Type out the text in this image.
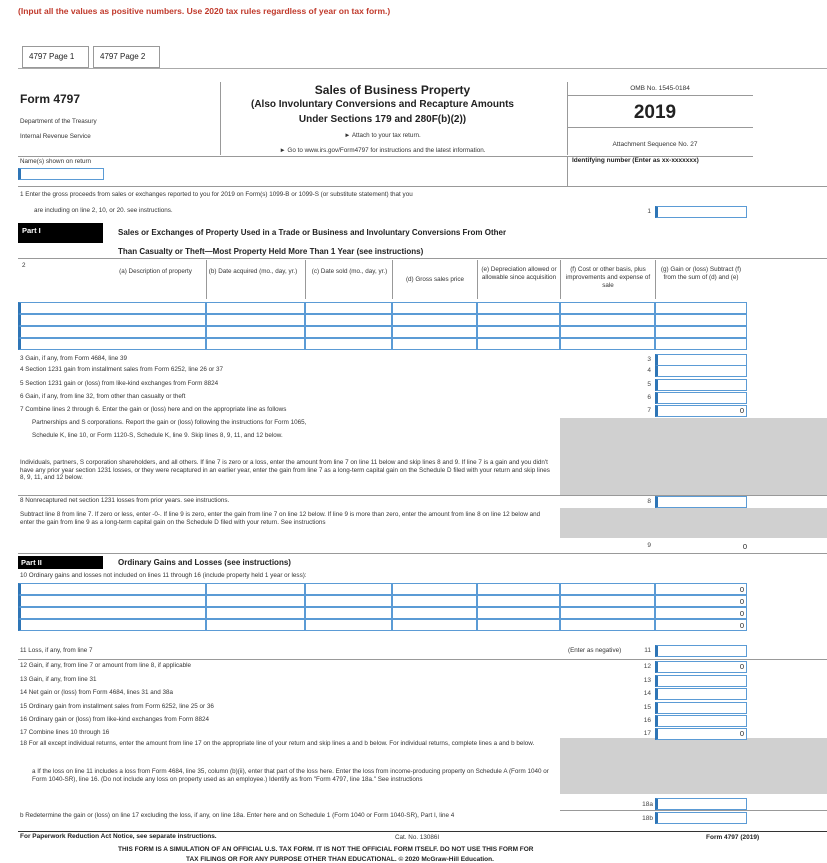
(Input all the values as positive numbers. Use 2020 tax rules regardless of year on tax form.)
4797 Page 1	4797 Page 2
Form 4797
Department of the Treasury
Internal Revenue Service
Sales of Business Property
(Also Involuntary Conversions and Recapture Amounts
Under Sections 179 and 280F(b)(2))
► Attach to your tax return.
► Go to www.irs.gov/Form4797 for instructions and the latest information.
OMB No. 1545-0184
2019
Attachment Sequence No. 27
Name(s) shown on return	Identifying number (Enter as xx-xxxxxxx)
1 Enter the gross proceeds from sales or exchanges reported to you for 2019 on Form(s) 1099-B or 1099-S (or substitute statement) that you
are including on line 2, 10, or 20. see instructions.	1
Part I	Sales or Exchanges of Property Used in a Trade or Business and Involuntary Conversions From Other
Than Casualty or Theft—Most Property Held More Than 1 Year (see instructions)
2
(a) Description of property	(b) Date acquired (mo., day, yr.)	(c) Date sold (mo., day, yr.)
(d) Gross sales price
(e) Depreciation allowed or allowable since acquisition
(f) Cost or other basis, plus improvements and expense of sale
(g) Gain or (loss) Subtract (f) from the sum of (d) and (e)
Partnerships and S corporations. Report the gain or (loss) following the instructions for Form 1065,
Schedule K, line 10, or Form 1120-S, Schedule K, line 9. Skip lines 8, 9, 11, and 12 below.
Individuals, partners, S corporation shareholders, and all others. If line 7 is zero or a loss, enter the amount from line 7 on line 11 below and skip lines 8 and 9. If line 7 is a gain and you didn't have any prior year section 1231 losses, or they were recaptured in an earlier year, enter the gain from line 7 as a long-term capital gain on the Schedule D filed with your return and skip lines 8, 9, 11, and 12 below.
8 Nonrecaptured net section 1231 losses from prior years. see instructions.	8
Subtract line 8 from line 7. If zero or less, enter -0-. If line 9 is zero, enter the gain from line 7 on line 12 below. If line 9 is more than zero, enter the amount from line 8 on line 12 below and enter the gain from line 9 as a long-term capital gain on the Schedule D filed with your return. See instructions
9	0
Part II	Ordinary Gains and Losses (see instructions)
10 Ordinary gains and losses not included on lines 11 through 16 (include property held 1 year or less):
11 Loss, if any, from line 7	(Enter as negative)	11
18 For all except individual returns, enter the amount from line 17 on the appropriate line of your return and skip lines a and b below. For individual returns, complete lines a and b below.
a If the loss on line 11 includes a loss from Form 4684, line 35, column (b)(ii), enter that part of the loss here. Enter the loss from income-producing property on Schedule A (Form 1040 or Form 1040-SR), line 16. (Do not include any loss on property used as an employee.) Identify as from "Form 4797, line 18a." See instructions
18a
b Redetermine the gain or (loss) on line 17 excluding the loss, if any, on line 18a. Enter here and on Schedule 1 (Form 1040 or Form 1040-SR), Part I, line 4	18b
For Paperwork Reduction Act Notice, see separate instructions.	Cat. No. 13086I	Form 4797 (2019)
THIS FORM IS A SIMULATION OF AN OFFICIAL U.S. TAX FORM. IT IS NOT THE OFFICIAL FORM ITSELF. DO NOT USE THIS FORM FOR
TAX FILINGS OR FOR ANY PURPOSE OTHER THAN EDUCATIONAL. © 2020 McGraw-Hill Education.
3 Gain, if any, from Form 4684, line 39	3
4 Section 1231 gain from installment sales from Form 6252, line 26 or 37	4
5 Section 1231 gain or (loss) from like-kind exchanges from Form 8824	5
6 Gain, if any, from line 32, from other than casualty or theft	6
7 Combine lines 2 through 6. Enter the gain or (loss) here and on the appropriate line as follows	7	0
0
0
0
0
12 Gain, if any, from line 7 or amount from line 8, if applicable	12	0
13 Gain, if any, from line 31	13
14 Net gain or (loss) from Form 4684, lines 31 and 38a	14
15 Ordinary gain from installment sales from Form 6252, line 25 or 36	15
16 Ordinary gain or (loss) from like-kind exchanges from Form 8824	16
17 Combine lines 10 through 16	17	0
